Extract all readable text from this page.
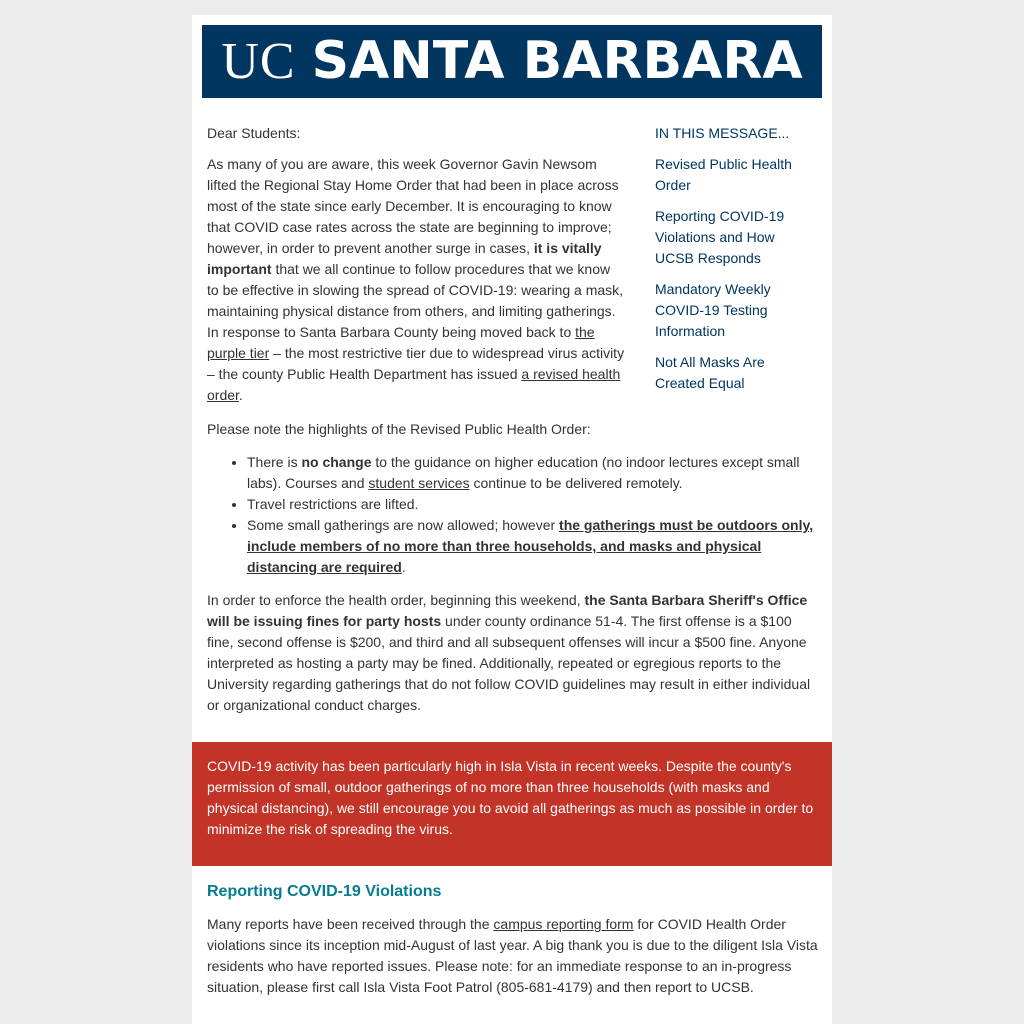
UC SANTA BARBARA

Dear Students:

As many of you are aware, this week Governor Gavin Newsom lifted the Regional Stay Home Order that had been in place across most of the state since early December. It is encouraging to know that COVID case rates across the state are beginning to improve; however, in order to prevent another surge in cases, it is vitally important that we all continue to follow procedures that we know to be effective in slowing the spread of COVID-19: wearing a mask, maintaining physical distance from others, and limiting gatherings. In response to Santa Barbara County being moved back to the purple tier – the most restrictive tier due to widespread virus activity – the county Public Health Department has issued a revised health order.

IN THIS MESSAGE...

Revised Public Health Order
Reporting COVID-19 Violations and How UCSB Responds
Mandatory Weekly COVID-19 Testing Information
Not All Masks Are Created Equal

Please note the highlights of the Revised Public Health Order:

• There is no change to the guidance on higher education (no indoor lectures except small labs). Courses and student services continue to be delivered remotely.
• Travel restrictions are lifted.
• Some small gatherings are now allowed; however the gatherings must be outdoors only, include members of no more than three households, and masks and physical distancing are required.

In order to enforce the health order, beginning this weekend, the Santa Barbara Sheriff's Office will be issuing fines for party hosts under county ordinance 51-4. The first offense is a $100 fine, second offense is $200, and third and all subsequent offenses will incur a $500 fine. Anyone interpreted as hosting a party may be fined. Additionally, repeated or egregious reports to the University regarding gatherings that do not follow COVID guidelines may result in either individual or organizational conduct charges.

COVID-19 activity has been particularly high in Isla Vista in recent weeks. Despite the county's permission of small, outdoor gatherings of no more than three households (with masks and physical distancing), we still encourage you to avoid all gatherings as much as possible in order to minimize the risk of spreading the virus.

Reporting COVID-19 Violations

Many reports have been received through the campus reporting form for COVID Health Order violations since its inception mid-August of last year. A big thank you is due to the diligent Isla Vista residents who have reported issues. Please note: for an immediate response to an in-progress situation, please first call Isla Vista Foot Patrol (805-681-4179) and then report to UCSB.
